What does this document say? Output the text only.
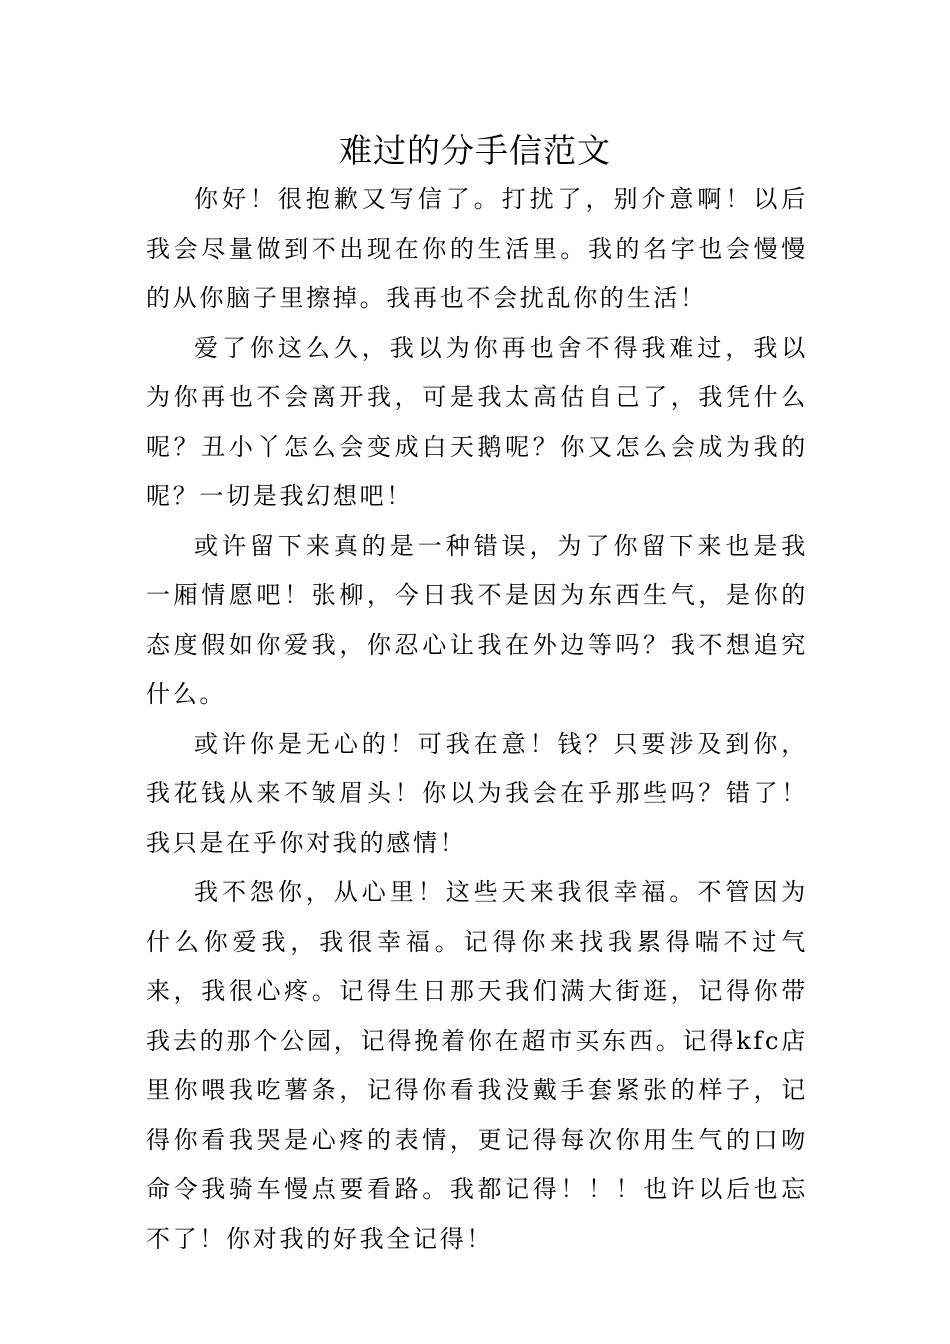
难过的分手信范文

你好！很抱歉又写信了。打扰了，别介意啊！以后我会尽量做到不出现在你的生活里。我的名字也会慢慢的从你脑子里擦掉。我再也不会扰乱你的生活！

爱了你这么久，我以为你再也舍不得我难过，我以为你再也不会离开我，可是我太高估自己了，我凭什么呢？丑小丫怎么会变成白天鹅呢？你又怎么会成为我的呢？一切是我幻想吧！

或许留下来真的是一种错误，为了你留下来也是我一厢情愿吧！张柳，今日我不是因为东西生气，是你的态度假如你爱我，你忍心让我在外边等吗？我不想追究什么。

或许你是无心的！可我在意！钱？只要涉及到你，我花钱从来不皱眉头！你以为我会在乎那些吗？错了！我只是在乎你对我的感情！

我不怨你，从心里！这些天来我很幸福。不管因为什么你爱我，我很幸福。记得你来找我累得喘不过气来，我很心疼。记得生日那天我们满大街逛，记得你带我去的那个公园，记得挽着你在超市买东西。记得kfc店里你喂我吃薯条，记得你看我没戴手套紧张的样子，记得你看我哭是心疼的表情，更记得每次你用生气的口吻命令我骑车慢点要看路。我都记得！！！也许以后也忘不了！你对我的好我全记得！
